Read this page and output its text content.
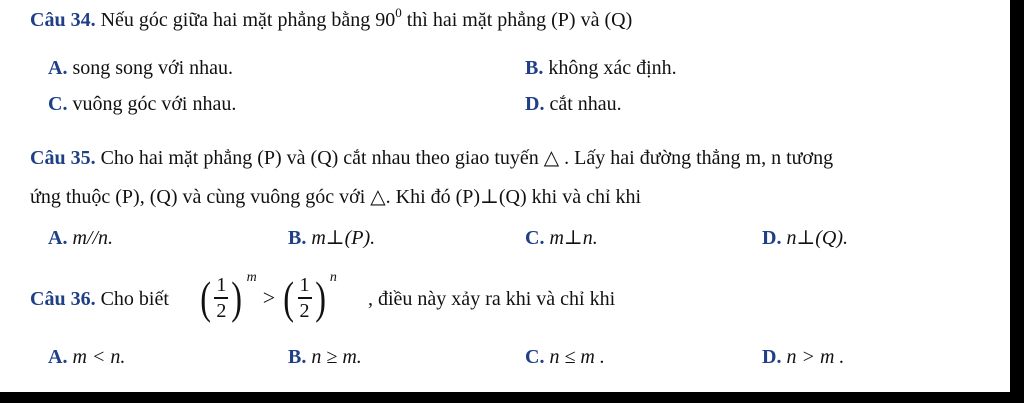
Câu 34. Nếu góc giữa hai mặt phẳng bằng $90^0$ thì hai mặt phẳng (P) và (Q)
A. song song với nhau.	B. không xác định.
C. vuông góc với nhau.	D. cắt nhau.
Câu 35. Cho hai mặt phẳng (P) và (Q) cắt nhau theo giao tuyến △ . Lấy hai đường thẳng m, n tương
ứng thuộc (P), (Q) và cùng vuông góc với △. Khi đó (P)⊥(Q) khi và chỉ khi
A. m//n.	B. m⊥(P).	C. m⊥n.	D. n⊥(Q).
Câu 36. Cho biết ( $\frac{1}{2}$ ) m
> ( $\frac{1}{2}$ ) n
, điều này xảy ra khi và chỉ khi
A. m < n.	B. n ≥ m.	C. n ≤ m .	D. n > m .
